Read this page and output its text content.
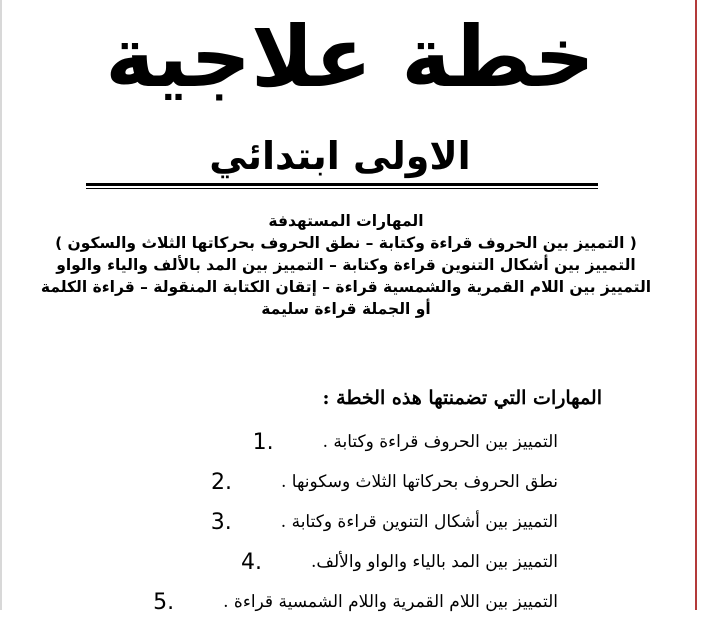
خطة علاجية
الاولى ابتدائي
المهارات المستهدفة
( التمييز بين الحروف قراءة وكتابة – نطق الحروف بحركاتها الثلاث والسكون )
التمييز بين أشكال التنوين قراءة وكتابة – التمييز بين المد بالألف والياء والواو
التمييز بين اللام القمرية والشمسية قراءة – إتقان الكتابة المنقولة – قراءة الكلمة
أو الجملة قراءة سليمة
المهارات التي تضمنتها هذه الخطة :
التمييز بين الحروف قراءة وكتابة .
1.
نطق الحروف بحركاتها الثلاث وسكونها .
2.
التمييز بين أشكال التنوين قراءة وكتابة .
3.
التمييز بين المد بالياء والواو والألف.
4.
التمييز بين اللام القمرية واللام الشمسية قراءة .
5.
